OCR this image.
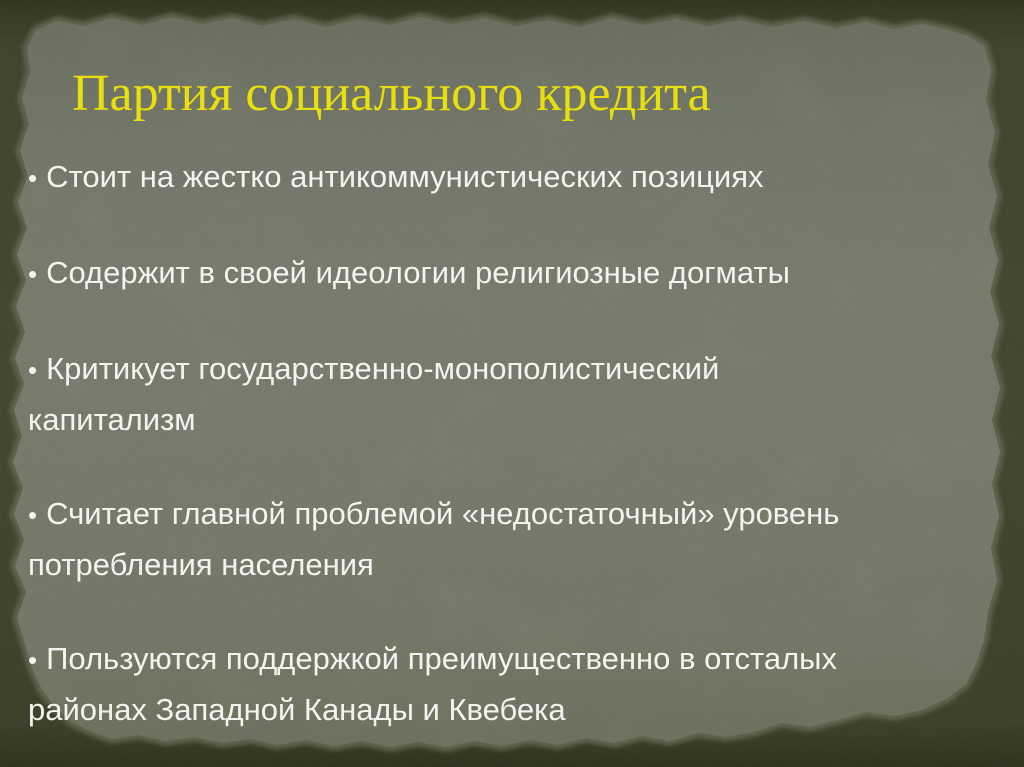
Партия социального кредита

• Стоит на жестко антикоммунистических позициях

• Содержит в своей идеологии религиозные догматы

• Критикует государственно-монополистический
капитализм

• Считает главной проблемой «недостаточный» уровень
потребления населения

• Пользуются поддержкой преимущественно в отсталых
районах Западной Канады и Квебека
